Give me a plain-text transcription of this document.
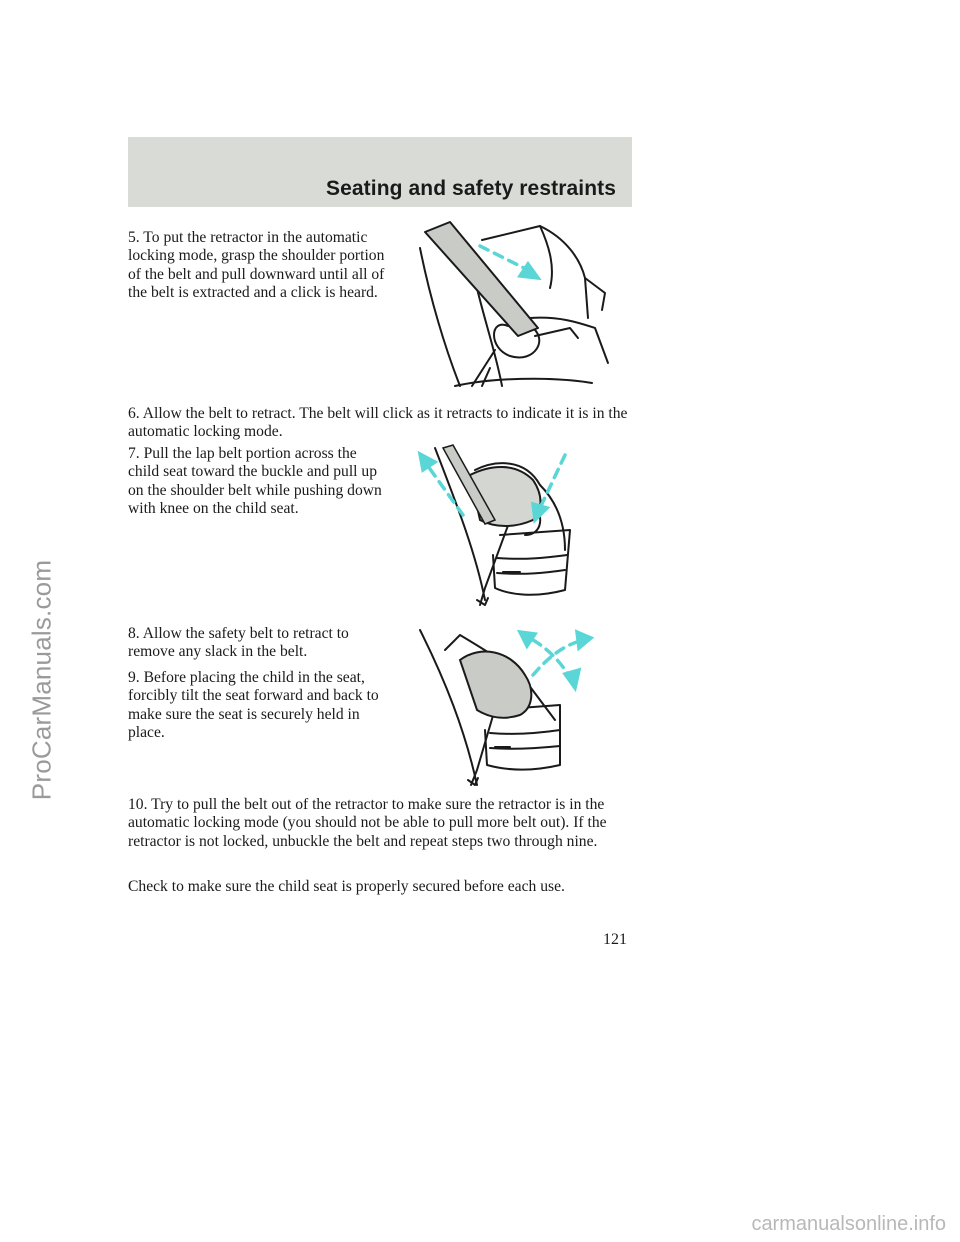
Seating and safety restraints

5. To put the retractor in the automatic locking mode, grasp the shoulder portion of the belt and pull downward until all of the belt is extracted and a click is heard.

6. Allow the belt to retract. The belt will click as it retracts to indicate it is in the automatic locking mode.

7. Pull the lap belt portion across the child seat toward the buckle and pull up on the shoulder belt while pushing down with knee on the child seat.

8. Allow the safety belt to retract to remove any slack in the belt.

9. Before placing the child in the seat, forcibly tilt the seat forward and back to make sure the seat is securely held in place.

10. Try to pull the belt out of the retractor to make sure the retractor is in the automatic locking mode (you should not be able to pull more belt out). If the retractor is not locked, unbuckle the belt and repeat steps two through nine.

Check to make sure the child seat is properly secured before each use.

121

ProCarManuals.com

carmanualsonline.info
